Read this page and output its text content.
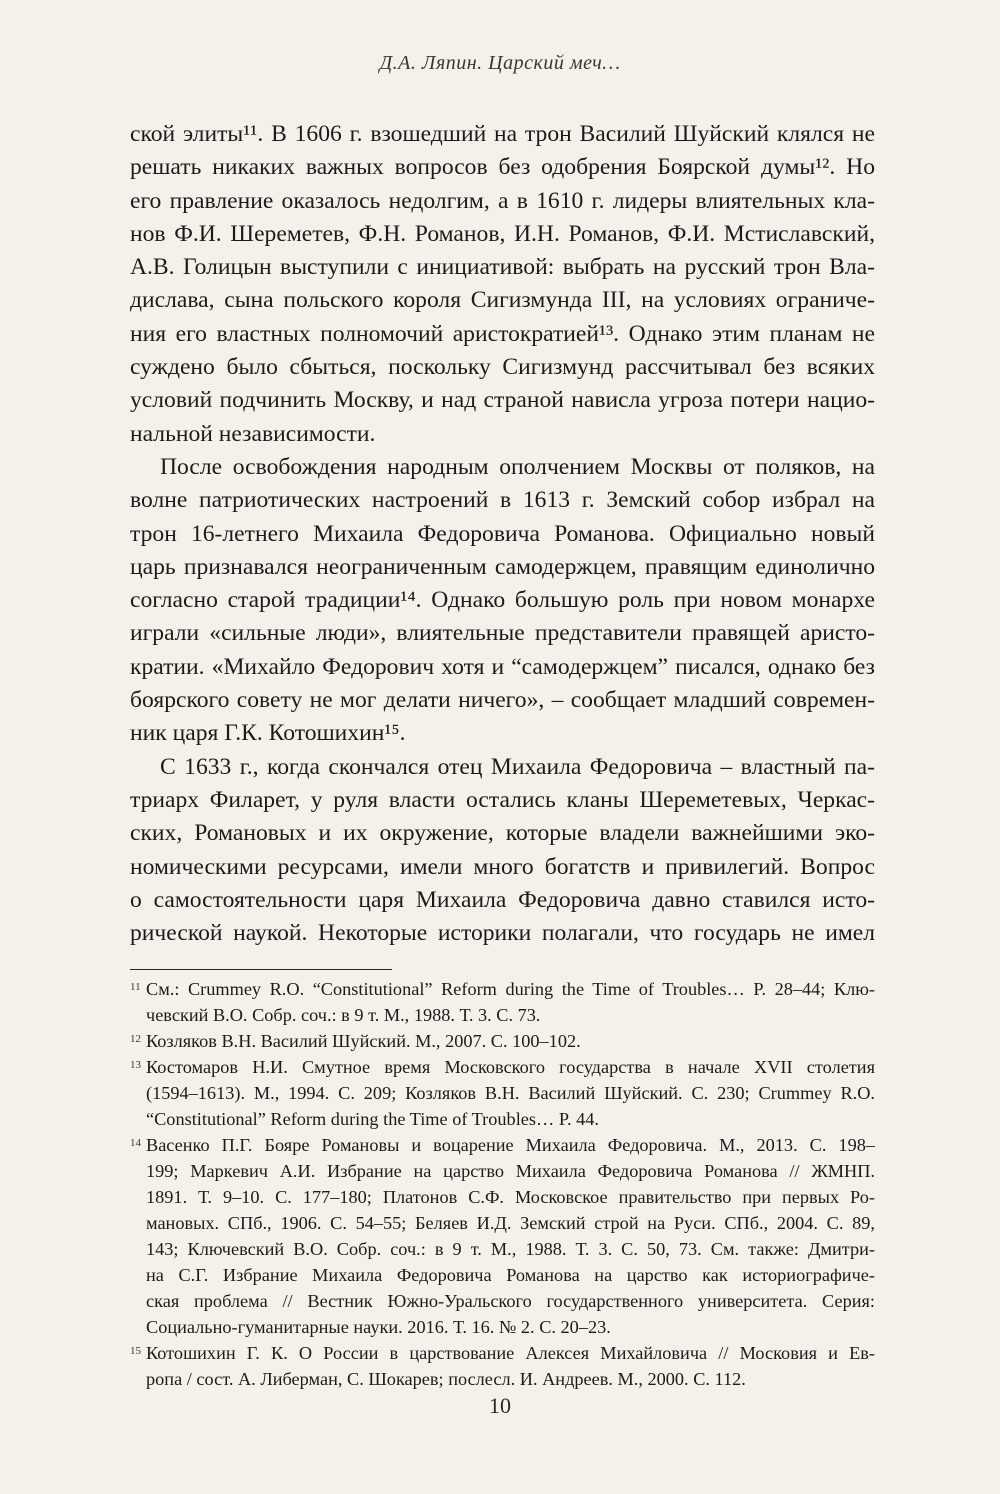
Д.А. Ляпин. Царский меч…
ской элиты¹¹. В 1606 г. взошедший на трон Василий Шуйский клялся не
решать никаких важных вопросов без одобрения Боярской думы¹². Но
его правление оказалось недолгим, а в 1610 г. лидеры влиятельных кла-
нов Ф.И. Шереметев, Ф.Н. Романов, И.Н. Романов, Ф.И. Мстиславский,
А.В. Голицын выступили с инициативой: выбрать на русский трон Вла-
дислава, сына польского короля Сигизмунда III, на условиях ограниче-
ния его властных полномочий аристократией¹³. Однако этим планам не
суждено было сбыться, поскольку Сигизмунд рассчитывал без всяких
условий подчинить Москву, и над страной нависла угроза потери нацио-
нальной независимости.
После освобождения народным ополчением Москвы от поляков, на
волне патриотических настроений в 1613 г. Земский собор избрал на
трон 16-летнего Михаила Федоровича Романова. Официально новый
царь признавался неограниченным самодержцем, правящим единолично
согласно старой традиции¹⁴. Однако большую роль при новом монархе
играли «сильные люди», влиятельные представители правящей аристо-
кратии. «Михайло Федорович хотя и “самодержцем” писался, однако без
боярского совету не мог делати ничего», – сообщает младший современ-
ник царя Г.К. Котошихин¹⁵.
С 1633 г., когда скончался отец Михаила Федоровича – властный па-
триарх Филарет, у руля власти остались кланы Шереметевых, Черкас-
ских, Романовых и их окружение, которые владели важнейшими эко-
номическими ресурсами, имели много богатств и привилегий. Вопрос
о самостоятельности царя Михаила Федоровича давно ставился исто-
рической наукой. Некоторые историки полагали, что государь не имел
11 См.: Crummey R.O. “Constitutional” Reform during the Time of Troubles… P. 28–44; Клю-
чевский В.О. Собр. соч.: в 9 т. М., 1988. Т. 3. С. 73.
12 Козляков В.Н. Василий Шуйский. М., 2007. С. 100–102.
13 Костомаров Н.И. Смутное время Московского государства в начале XVII столетия
(1594–1613). М., 1994. С. 209; Козляков В.Н. Василий Шуйский. С. 230; Crummey R.O.
“Constitutional” Reform during the Time of Troubles… P. 44.
14 Васенко П.Г. Бояре Романовы и воцарение Михаила Федоровича. М., 2013. С. 198–
199; Маркевич А.И. Избрание на царство Михаила Федоровича Романова // ЖМНП.
1891. Т. 9–10. С. 177–180; Платонов С.Ф. Московское правительство при первых Ро-
мановых. СПб., 1906. С. 54–55; Беляев И.Д. Земский строй на Руси. СПб., 2004. С. 89,
143; Ключевский В.О. Собр. соч.: в 9 т. М., 1988. Т. 3. С. 50, 73. См. также: Дмитри-
на С.Г. Избрание Михаила Федоровича Романова на царство как историографиче-
ская проблема // Вестник Южно-Уральского государственного университета. Серия:
Социально-гуманитарные науки. 2016. Т. 16. № 2. С. 20–23.
15 Котошихин Г. К. О России в царствование Алексея Михайловича // Московия и Ев-
ропа / сост. А. Либерман, С. Шокарев; послесл. И. Андреев. М., 2000. С. 112.
10
